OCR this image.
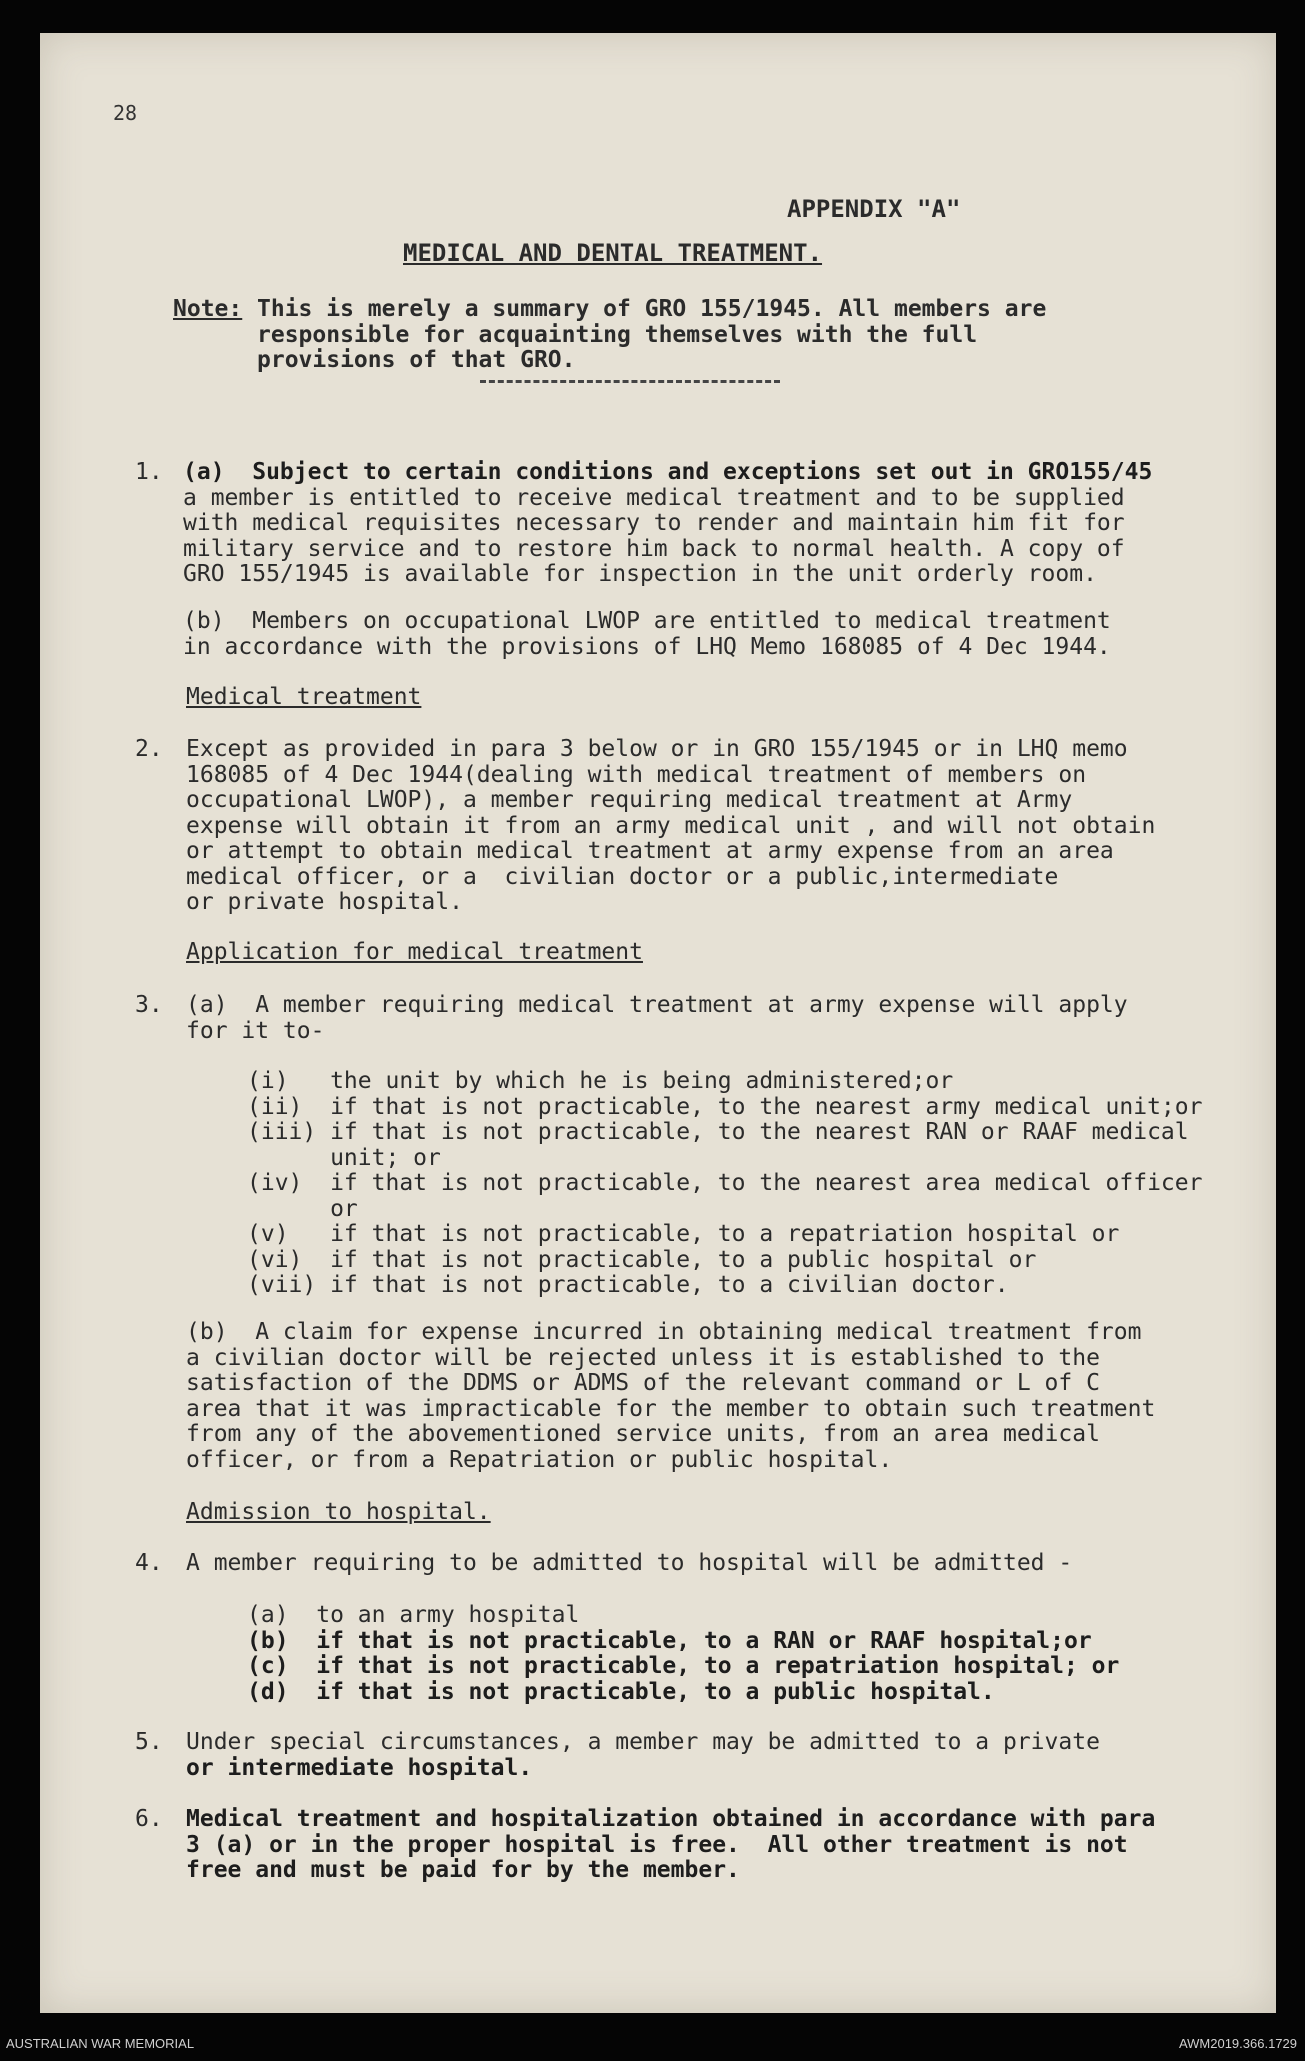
28
APPENDIX "A"
MEDICAL AND DENTAL TREATMENT.
Note: This is merely a summary of GRO 155/1945. All members are
responsible for acquainting themselves with the full
provisions of that GRO.
1. (a)  Subject to certain conditions and exceptions set out in GRO155/45
a member is entitled to receive medical treatment and to be supplied
with medical requisites necessary to render and maintain him fit for
military service and to restore him back to normal health. A copy of
GRO 155/1945 is available for inspection in the unit orderly room.
(b)  Members on occupational LWOP are entitled to medical treatment
in accordance with the provisions of LHQ Memo 168085 of 4 Dec 1944.
Medical treatment
2. Except as provided in para 3 below or in GRO 155/1945 or in LHQ memo
168085 of 4 Dec 1944(dealing with medical treatment of members on
occupational LWOP), a member requiring medical treatment at Army
expense will obtain it from an army medical unit , and will not obtain
or attempt to obtain medical treatment at army expense from an area
medical officer, or a  civilian doctor or a public,intermediate
or private hospital.
Application for medical treatment
3. (a)  A member requiring medical treatment at army expense will apply
for it to-
(i)   the unit by which he is being administered;or
(ii)  if that is not practicable, to the nearest army medical unit;or
(iii) if that is not practicable, to the nearest RAN or RAAF medical
unit; or
(iv)  if that is not practicable, to the nearest area medical officer
or
(v)   if that is not practicable, to a repatriation hospital or
(vi)  if that is not practicable, to a public hospital or
(vii) if that is not practicable, to a civilian doctor.
(b)  A claim for expense incurred in obtaining medical treatment from
a civilian doctor will be rejected unless it is established to the
satisfaction of the DDMS or ADMS of the relevant command or L of C
area that it was impracticable for the member to obtain such treatment
from any of the abovementioned service units, from an area medical
officer, or from a Repatriation or public hospital.
Admission to hospital.
4. A member requiring to be admitted to hospital will be admitted -
(a)  to an army hospital
(b)  if that is not practicable, to a RAN or RAAF hospital;or
(c)  if that is not practicable, to a repatriation hospital; or
(d)  if that is not practicable, to a public hospital.
5. Under special circumstances, a member may be admitted to a private
or intermediate hospital.
6. Medical treatment and hospitalization obtained in accordance with para
3 (a) or in the proper hospital is free.  All other treatment is not
free and must be paid for by the member.
AUSTRALIAN WAR MEMORIAL	AWM2019.366.1729
